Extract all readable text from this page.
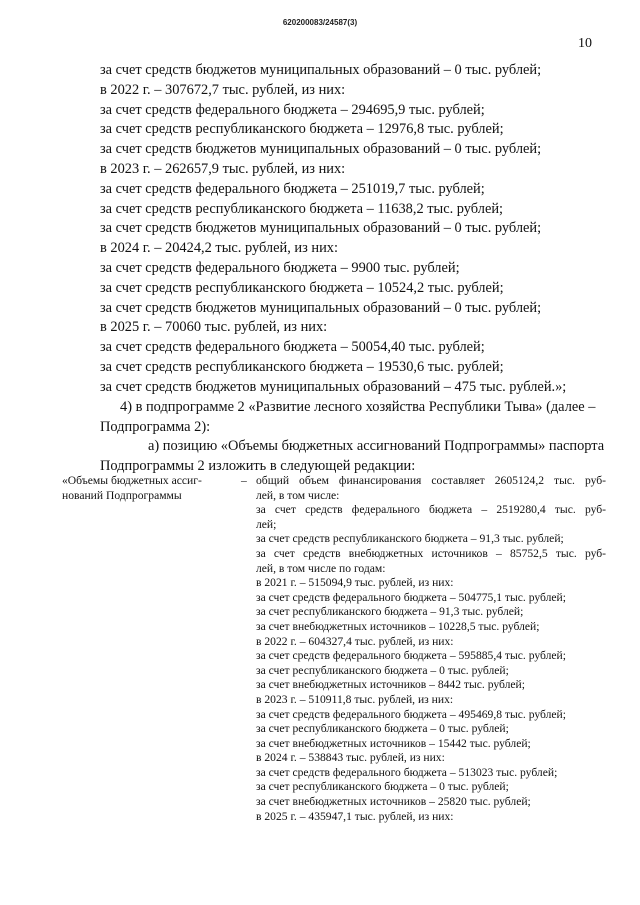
620200083/24587(3)
10
за счет средств бюджетов муниципальных образований – 0 тыс. рублей;
в 2022 г. – 307672,7 тыс. рублей, из них:
за счет средств федерального бюджета – 294695,9 тыс. рублей;
за счет средств республиканского бюджета – 12976,8 тыс. рублей;
за счет средств бюджетов муниципальных образований – 0 тыс. рублей;
в 2023 г. – 262657,9 тыс. рублей, из них:
за счет средств федерального бюджета – 251019,7 тыс. рублей;
за счет средств республиканского бюджета – 11638,2 тыс. рублей;
за счет средств бюджетов муниципальных образований – 0 тыс. рублей;
в 2024 г. – 20424,2 тыс. рублей, из них:
за счет средств федерального бюджета – 9900 тыс. рублей;
за счет средств республиканского бюджета – 10524,2 тыс. рублей;
за счет средств бюджетов муниципальных образований – 0 тыс. рублей;
в 2025 г. – 70060 тыс. рублей, из них:
за счет средств федерального бюджета – 50054,40 тыс. рублей;
за счет средств республиканского бюджета – 19530,6 тыс. рублей;
за счет средств бюджетов муниципальных образований – 475 тыс. рублей.»;
4) в подпрограмме 2 «Развитие лесного хозяйства Республики Тыва» (далее –
Подпрограмма 2):
а) позицию «Объемы бюджетных ассигнований Подпрограммы» паспорта
Подпрограммы 2 изложить в следующей редакции:
«Объемы бюджетных ассиг-
нований Подпрограммы
– общий объем финансирования составляет 2605124,2 тыс. руб-
лей, в том числе:
за счет средств федерального бюджета – 2519280,4 тыс. руб-
лей;
за счет средств республиканского бюджета – 91,3 тыс. рублей;
за счет средств внебюджетных источников – 85752,5 тыс. руб-
лей, в том числе по годам:
в 2021 г. – 515094,9 тыс. рублей, из них:
за счет средств федерального бюджета – 504775,1 тыс. рублей;
за счет республиканского бюджета – 91,3 тыс. рублей;
за счет внебюджетных источников – 10228,5 тыс. рублей;
в 2022 г. – 604327,4 тыс. рублей, из них:
за счет средств федерального бюджета – 595885,4 тыс. рублей;
за счет республиканского бюджета – 0 тыс. рублей;
за счет внебюджетных источников – 8442 тыс. рублей;
в 2023 г. – 510911,8 тыс. рублей, из них:
за счет средств федерального бюджета – 495469,8 тыс. рублей;
за счет республиканского бюджета – 0 тыс. рублей;
за счет внебюджетных источников – 15442 тыс. рублей;
в 2024 г. – 538843 тыс. рублей, из них:
за счет средств федерального бюджета – 513023 тыс. рублей;
за счет республиканского бюджета – 0 тыс. рублей;
за счет внебюджетных источников – 25820 тыс. рублей;
в 2025 г. – 435947,1 тыс. рублей, из них:
